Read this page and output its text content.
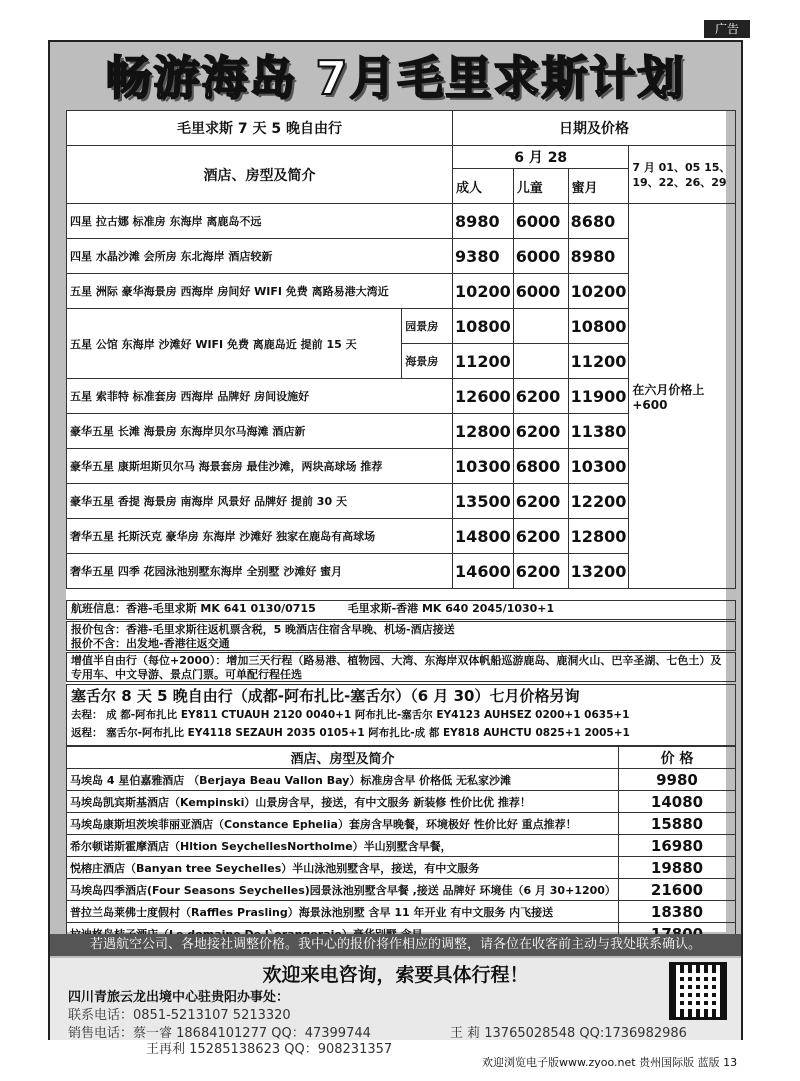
广告
畅游海岛 7月毛里求斯计划
毛里求斯 7 天 5 晚自由行		日期及价格			
酒店、房型及简介		6 月 28			7 月 01、05 15、19、22、26、29
		成人	儿童	蜜月	
四星 拉古娜 标准房 东海岸 离鹿岛不远		8980	6000	8680	在六月价格上 +600
四星 水晶沙滩 会所房 东北海岸 酒店较新		9380	6000	8980	
五星 洲际 豪华海景房 西海岸 房间好 WIFI 免费 离路易港大湾近		10200	6000	10200	
五星 公馆 东海岸 沙滩好 WIFI 免费 离鹿岛近 提前 15 天	园景房	10800		10800	
	海景房	11200		11200	
五星 索菲特 标准套房 西海岸 品牌好 房间设施好		12600	6200	11900	
豪华五星 长滩 海景房 东海岸贝尔马海滩 酒店新		12800	6200	11380	
豪华五星 康斯坦斯贝尔马 海景套房 最佳沙滩，两块高球场 推荐		10300	6800	10300	
豪华五星 香提 海景房 南海岸 风景好 品牌好 提前 30 天		13500	6200	12200	
奢华五星 托斯沃克 豪华房 东海岸 沙滩好 独家在鹿岛有高球场		14800	6200	12800	
奢华五星 四季 花园泳池别墅东海岸 全别墅 沙滩好 蜜月		14600	6200	13200	
航班信息：香港-毛里求斯 MK 641 0130/0715	毛里求斯-香港 MK 640 2045/1030+1
报价包含：香港-毛里求斯往返机票含税，5 晚酒店住宿含早晚、机场-酒店接送
报价不含：出发地-香港往返交通
增值半自由行（每位+2000）：增加三天行程（路易港、植物园、大湾、东海岸双体帆船巡游鹿岛、鹿洞火山、巴辛圣湖、七色土）及专用车、中文导游、景点门票。可单配行程任选
塞舌尔 8 天 5 晚自由行（成都-阿布扎比-塞舌尔）（6 月 30）七月价格另询
去程： 成 都-阿布扎比 EY811 CTUAUH 2120 0040+1 阿布扎比-塞舌尔 EY4123 AUHSEZ 0200+1 0635+1
返程： 塞舌尔-阿布扎比 EY4118 SEZAUH 2035 0105+1 阿布扎比-成 都 EY818 AUHCTU 0825+1 2005+1
酒店、房型及简介	价 格
马埃岛 4 星伯嘉雅酒店 （Berjaya Beau Vallon Bay）标准房含早 价格低 无私家沙滩	9980
马埃岛凯宾斯基酒店（Kempinski）山景房含早，接送，有中文服务 新装修 性价比优 推荐！	14080
马埃岛康斯坦茨埃菲丽亚酒店（Constance Ephelia）套房含早晚餐，环境极好 性价比好 重点推荐！	15880
希尔顿诺斯霍摩酒店（Hltion SeychellesNortholme）半山别墅含早餐，	16980
悦榕庄酒店（Banyan tree Seychelles）半山泳池别墅含早，接送，有中文服务	19880
马埃岛四季酒店(Four Seasons Seychelles)园景泳池别墅含早餐 ,接送 品牌好 环境佳（6 月 30+1200）	21600
普拉兰岛莱佛士度假村（Raffles Prasling）海景泳池别墅 含早 11 年开业 有中文服务 内飞接送	18380

若遇航空公司、各地接社调整价格。我中心的报价将作相应的调整，请各位在收客前主动与我处联系确认。
欢迎来电咨询，索要具体行程！
四川青旅云龙出境中心驻贵阳办事处：
联系电话：0851-5213107 5213320
销售电话：蔡一睿 18684101277 QQ：47399744	王 莉 13765028548 QQ:1736982986
王再利 15285138623 QQ：908231357
欢迎浏览电子版www.zyoo.net 贵州国际版 蓝版 13
